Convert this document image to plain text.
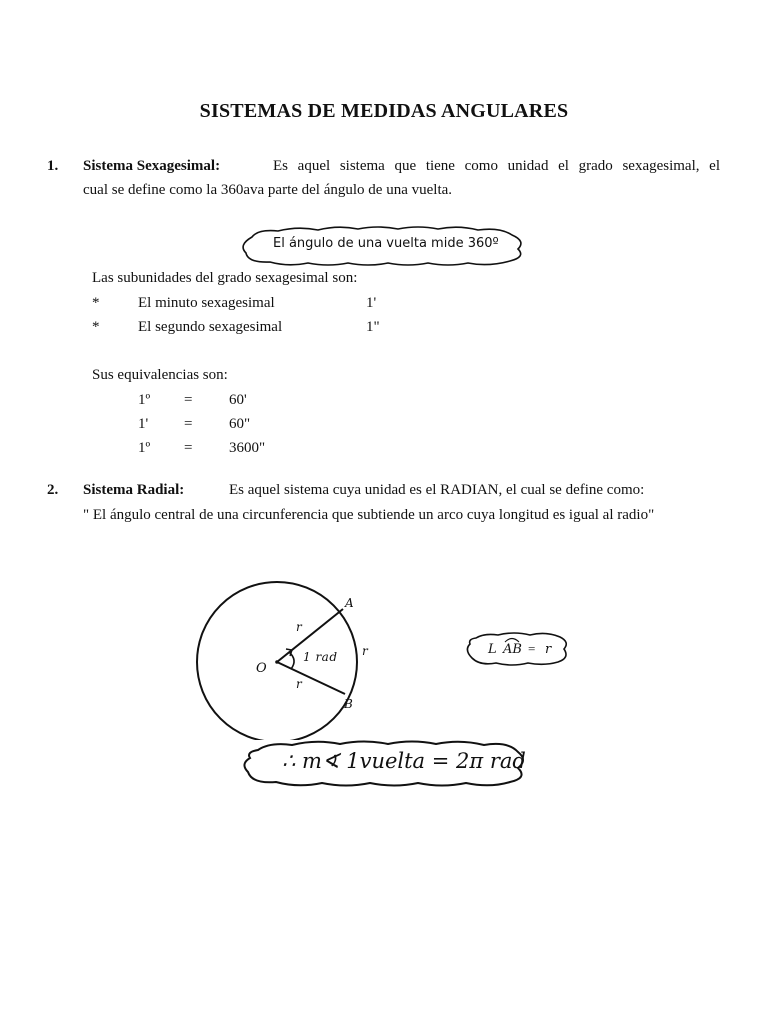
SISTEMAS DE MEDIDAS ANGULARES
1. Sistema Sexagesimal:	Es aquel sistema que tiene como unidad el grado sexagesimal, el
cual se define como la 360ava parte del ángulo de una vuelta.
El ángulo de una vuelta mide 360º
Las subunidades del grado sexagesimal son:
*	El minuto sexagesimal	1'
*	El segundo sexagesimal	1"
Sus equivalencias son:
1º = 60'
1' = 60"
1º = 3600"
2. Sistema Radial:	Es aquel sistema cuya unidad es el RADIAN, el cual se define como:
" El ángulo central de una circunferencia que subtiende un arco cuya longitud es igual al radio"
A
B
O
r
r
r
1 rad	L AB = r
∴ m∢ 1vuelta = 2π rad
